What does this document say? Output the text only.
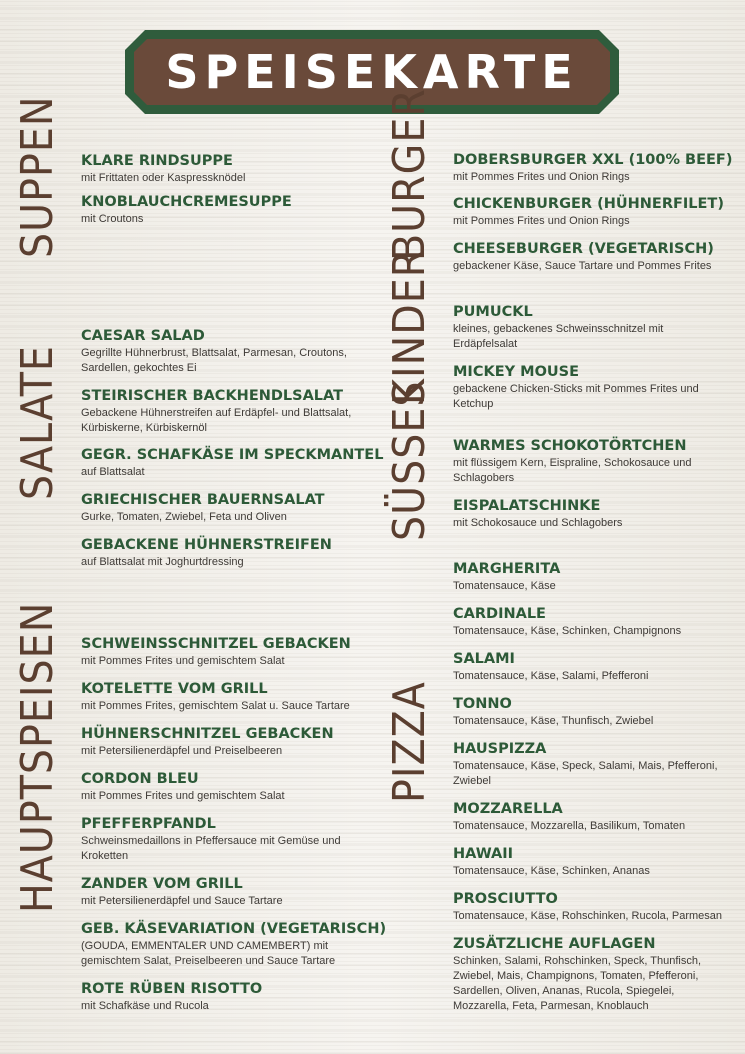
SPEISEKARTE
SUPPEN
SALATE
HAUPTSPEISEN
BURGER
KINDER
SÜSSES
PIZZA
KLARE RINDSUPPE
mit Frittaten oder Kaspressknödel
KNOBLAUCHCREMESUPPE
mit Croutons
CAESAR SALAD
Gegrillte Hühnerbrust, Blattsalat, Parmesan, Croutons, Sardellen, gekochtes Ei
STEIRISCHER BACKHENDLSALAT
Gebackene Hühnerstreifen auf Erdäpfel- und Blattsalat, Kürbiskerne, Kürbiskernöl
GEGR. SCHAFKÄSE IM SPECKMANTEL
auf Blattsalat
GRIECHISCHER BAUERNSALAT
Gurke, Tomaten, Zwiebel, Feta und Oliven
GEBACKENE HÜHNERSTREIFEN
auf Blattsalat mit Joghurtdressing
SCHWEINSSCHNITZEL GEBACKEN
mit Pommes Frites und gemischtem Salat
KOTELETTE VOM GRILL
mit Pommes Frites, gemischtem Salat u. Sauce Tartare
HÜHNERSCHNITZEL GEBACKEN
mit Petersilienerdäpfel und Preiselbeeren
CORDON BLEU
mit Pommes Frites und gemischtem Salat
PFEFFERPFANDL
Schweinsmedaillons in Pfeffersauce mit Gemüse und Kroketten
ZANDER VOM GRILL
mit Petersilienerdäpfel und Sauce Tartare
GEB. KÄSEVARIATION (VEGETARISCH)
(GOUDA, EMMENTALER UND CAMEMBERT) mit gemischtem Salat, Preiselbeeren und Sauce Tartare
ROTE RÜBEN RISOTTO
mit Schafkäse und Rucola
DOBERSBURGER XXL (100% BEEF)
mit Pommes Frites und Onion Rings
CHICKENBURGER (HÜHNERFILET)
mit Pommes Frites und Onion Rings
CHEESEBURGER (VEGETARISCH)
gebackener Käse, Sauce Tartare und Pommes Frites
PUMUCKL
kleines, gebackenes Schweinsschnitzel mit Erdäpfelsalat
MICKEY MOUSE
gebackene Chicken-Sticks mit Pommes Frites und Ketchup
WARMES SCHOKOTÖRTCHEN
mit flüssigem Kern, Eispraline, Schokosauce und Schlagobers
EISPALATSCHINKE
mit Schokosauce und Schlagobers
MARGHERITA
Tomatensauce, Käse
CARDINALE
Tomatensauce, Käse, Schinken, Champignons
SALAMI
Tomatensauce, Käse, Salami, Pfefferoni
TONNO
Tomatensauce, Käse, Thunfisch, Zwiebel
HAUSPIZZA
Tomatensauce, Käse, Speck, Salami, Mais, Pfefferoni, Zwiebel
MOZZARELLA
Tomatensauce, Mozzarella, Basilikum, Tomaten
HAWAII
Tomatensauce, Käse, Schinken, Ananas
PROSCIUTTO
Tomatensauce, Käse, Rohschinken, Rucola, Parmesan
ZUSÄTZLICHE AUFLAGEN
Schinken, Salami, Rohschinken, Speck, Thunfisch, Zwiebel, Mais, Champignons, Tomaten, Pfefferoni, Sardellen, Oliven, Ananas, Rucola, Spiegelei, Mozzarella, Feta, Parmesan, Knoblauch
